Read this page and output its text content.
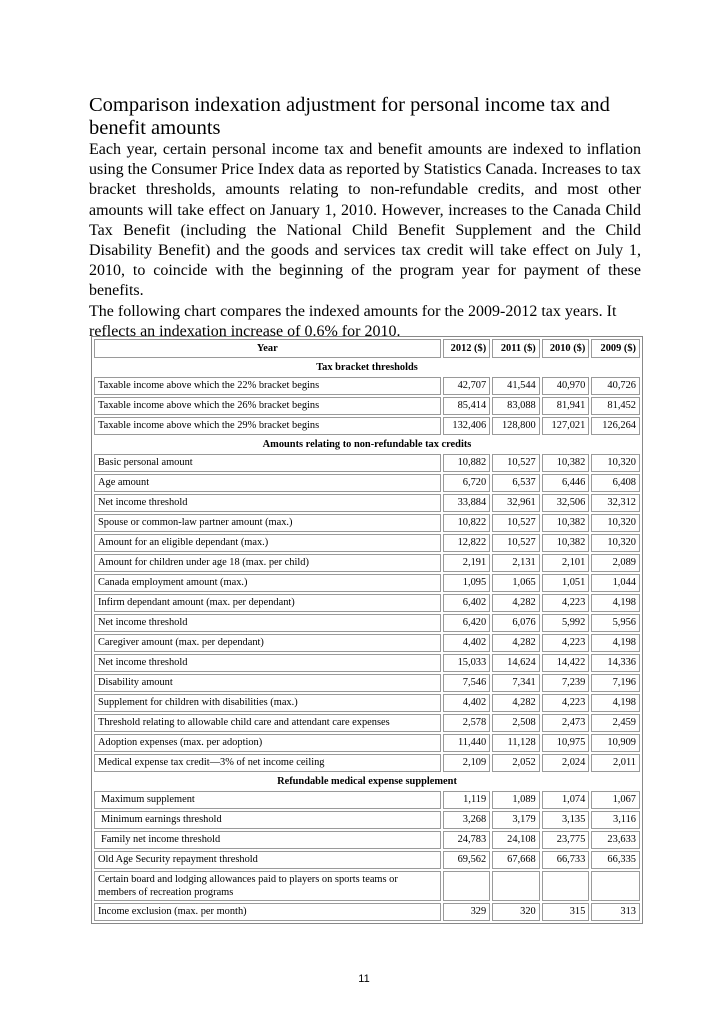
Comparison indexation adjustment for personal income tax and benefit amounts

Each year, certain personal income tax and benefit amounts are indexed to inflation using the Consumer Price Index data as reported by Statistics Canada. Increases to tax bracket thresholds, amounts relating to non-refundable credits, and most other amounts will take effect on January 1, 2010. However, increases to the Canada Child Tax Benefit (including the National Child Benefit Supplement and the Child Disability Benefit) and the goods and services tax credit will take effect on July 1, 2010, to coincide with the beginning of the program year for payment of these benefits.

The following chart compares the indexed amounts for the 2009-2012 tax years. It reflects an indexation increase of 0.6% for 2010.

Year	2012 ($)	2011 ($)	2010 ($)	2009 ($)
Tax bracket thresholds				
Taxable income above which the 22% bracket begins	42,707	41,544	40,970	40,726
Taxable income above which the 26% bracket begins	85,414	83,088	81,941	81,452
Taxable income above which the 29% bracket begins	132,406	128,800	127,021	126,264
Amounts relating to non-refundable tax credits				
Basic personal amount	10,882	10,527	10,382	10,320
Age amount	6,720	6,537	6,446	6,408
Net income threshold	33,884	32,961	32,506	32,312
Spouse or common-law partner amount (max.)	10,822	10,527	10,382	10,320
Amount for an eligible dependant (max.)	12,822	10,527	10,382	10,320
Amount for children under age 18 (max. per child)	2,191	2,131	2,101	2,089
Canada employment amount (max.)	1,095	1,065	1,051	1,044
Infirm dependant amount (max. per dependant)	6,402	4,282	4,223	4,198
Net income threshold	6,420	6,076	5,992	5,956
Caregiver amount (max. per dependant)	4,402	4,282	4,223	4,198
Net income threshold	15,033	14,624	14,422	14,336
Disability amount	7,546	7,341	7,239	7,196
Supplement for children with disabilities (max.)	4,402	4,282	4,223	4,198
Threshold relating to allowable child care and attendant care expenses	2,578	2,508	2,473	2,459
Adoption expenses (max. per adoption)	11,440	11,128	10,975	10,909
Medical expense tax credit—3% of net income ceiling	2,109	2,052	2,024	2,011
Refundable medical expense supplement				
Maximum supplement	1,119	1,089	1,074	1,067
Minimum earnings threshold	3,268	3,179	3,135	3,116
Family net income threshold	24,783	24,108	23,775	23,633
Old Age Security repayment threshold	69,562	67,668	66,733	66,335
Certain board and lodging allowances paid to players on sports teams or members of recreation programs				
Income exclusion (max. per month)	329	320	315	313
11
